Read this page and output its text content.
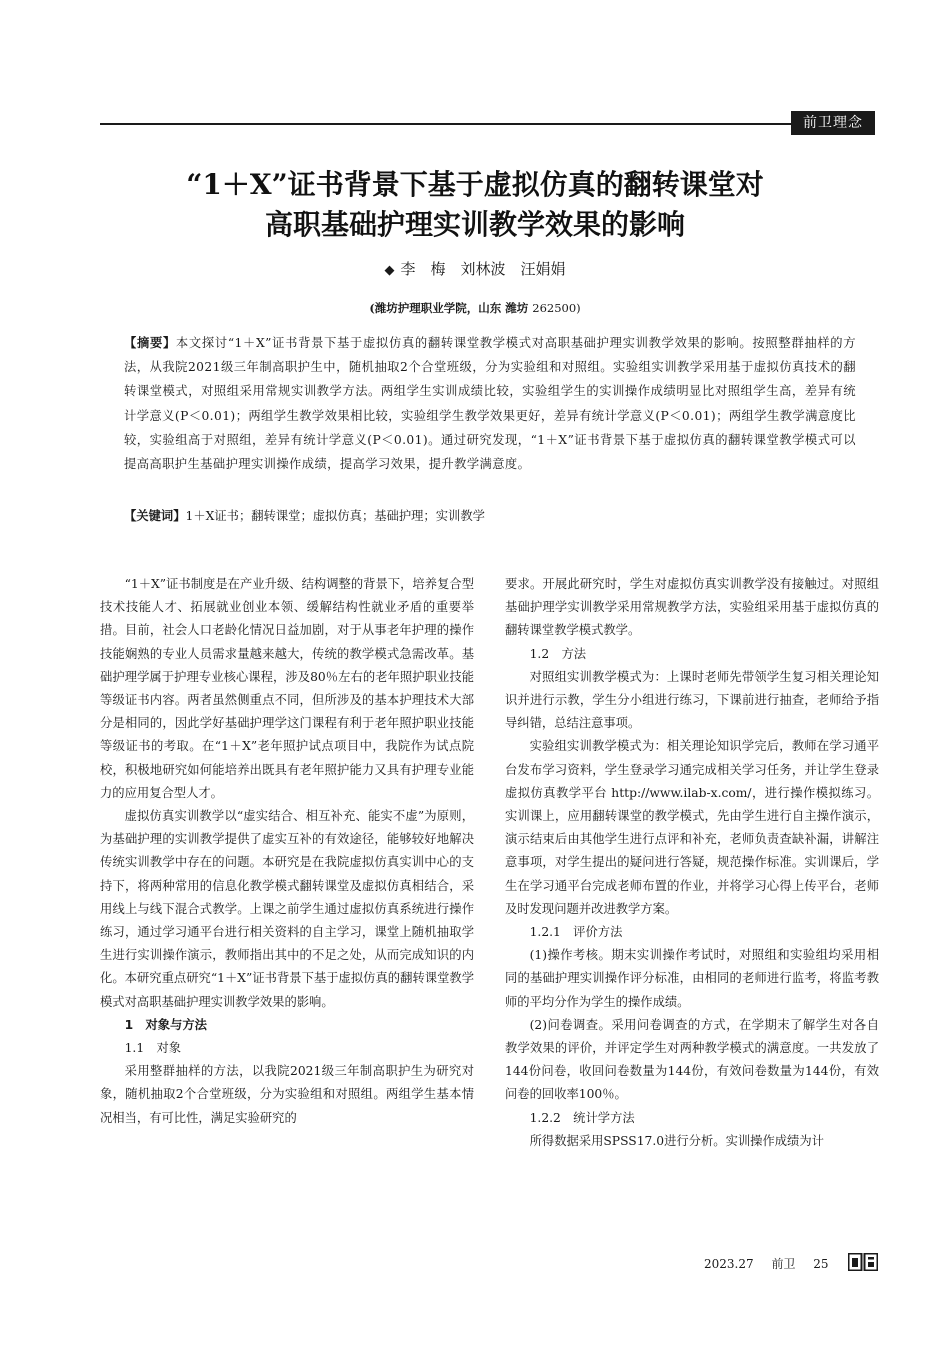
前卫理念
“1＋X”证书背景下基于虚拟仿真的翻转课堂对
高职基础护理实训教学效果的影响
◆ 李　梅　刘林波　汪娟娟
(潍坊护理职业学院，山东 潍坊 262500)
【摘要】本文探讨“1＋X”证书背景下基于虚拟仿真的翻转课堂教学模式对高职基础护理实训教学效果的影响。按照整群抽样的方法，从我院2021级三年制高职护生中，随机抽取2个合堂班级，分为实验组和对照组。实验组实训教学采用基于虚拟仿真技术的翻转课堂模式，对照组采用常规实训教学方法。两组学生实训成绩比较，实验组学生的实训操作成绩明显比对照组学生高，差异有统计学意义(P＜0.01)；两组学生教学效果相比较，实验组学生教学效果更好，差异有统计学意义(P＜0.01)；两组学生教学满意度比较，实验组高于对照组，差异有统计学意义(P＜0.01)。通过研究发现，“1＋X”证书背景下基于虚拟仿真的翻转课堂教学模式可以提高高职护生基础护理实训操作成绩，提高学习效果，提升教学满意度。
【关键词】1＋X证书；翻转课堂；虚拟仿真；基础护理；实训教学

“1＋X”证书制度是在产业升级、结构调整的背景下，培养复合型技术技能人才、拓展就业创业本领、缓解结构性就业矛盾的重要举措。目前，社会人口老龄化情况日益加剧，对于从事老年护理的操作技能娴熟的专业人员需求量越来越大，传统的教学模式急需改革。基础护理学属于护理专业核心课程，涉及80％左右的老年照护职业技能等级证书内容。两者虽然侧重点不同，但所涉及的基本护理技术大部分是相同的，因此学好基础护理学这门课程有利于老年照护职业技能等级证书的考取。在“1＋X”老年照护试点项目中，我院作为试点院校，积极地研究如何能培养出既具有老年照护能力又具有护理专业能力的应用复合型人才。

虚拟仿真实训教学以“虚实结合、相互补充、能实不虚”为原则，为基础护理的实训教学提供了虚实互补的有效途径，能够较好地解决传统实训教学中存在的问题。本研究是在我院虚拟仿真实训中心的支持下，将两种常用的信息化教学模式翻转课堂及虚拟仿真相结合，采用线上与线下混合式教学。上课之前学生通过虚拟仿真系统进行操作练习，通过学习通平台进行相关资料的自主学习，课堂上随机抽取学生进行实训操作演示，教师指出其中的不足之处，从而完成知识的内化。本研究重点研究“1＋X”证书背景下基于虚拟仿真的翻转课堂教学模式对高职基础护理实训教学效果的影响。

1　对象与方法

1.1　对象

采用整群抽样的方法，以我院2021级三年制高职护生为研究对象，随机抽取2个合堂班级，分为实验组和对照组。两组学生基本情况相当，有可比性，满足实验研究的

要求。开展此研究时，学生对虚拟仿真实训教学没有接触过。对照组基础护理学实训教学采用常规教学方法，实验组采用基于虚拟仿真的翻转课堂教学模式教学。

1.2　方法

对照组实训教学模式为：上课时老师先带领学生复习相关理论知识并进行示教，学生分小组进行练习，下课前进行抽查，老师给予指导纠错，总结注意事项。

实验组实训教学模式为：相关理论知识学完后，教师在学习通平台发布学习资料，学生登录学习通完成相关学习任务，并让学生登录虚拟仿真教学平台 http://www.ilab-x.com/，进行操作模拟练习。实训课上，应用翻转课堂的教学模式，先由学生进行自主操作演示，演示结束后由其他学生进行点评和补充，老师负责查缺补漏，讲解注意事项，对学生提出的疑问进行答疑，规范操作标准。实训课后，学生在学习通平台完成老师布置的作业，并将学习心得上传平台，老师及时发现问题并改进教学方案。

1.2.1　评价方法

(1)操作考核。期末实训操作考试时，对照组和实验组均采用相同的基础护理实训操作评分标准，由相同的老师进行监考，将监考教师的平均分作为学生的操作成绩。

(2)问卷调查。采用问卷调查的方式，在学期末了解学生对各自教学效果的评价，并评定学生对两种教学模式的满意度。一共发放了144份问卷，收回问卷数量为144份，有效问卷数量为144份，有效问卷的回收率100％。

1.2.2　统计学方法

所得数据采用SPSS17.0进行分析。实训操作成绩为计

2023.27 前卫 25
